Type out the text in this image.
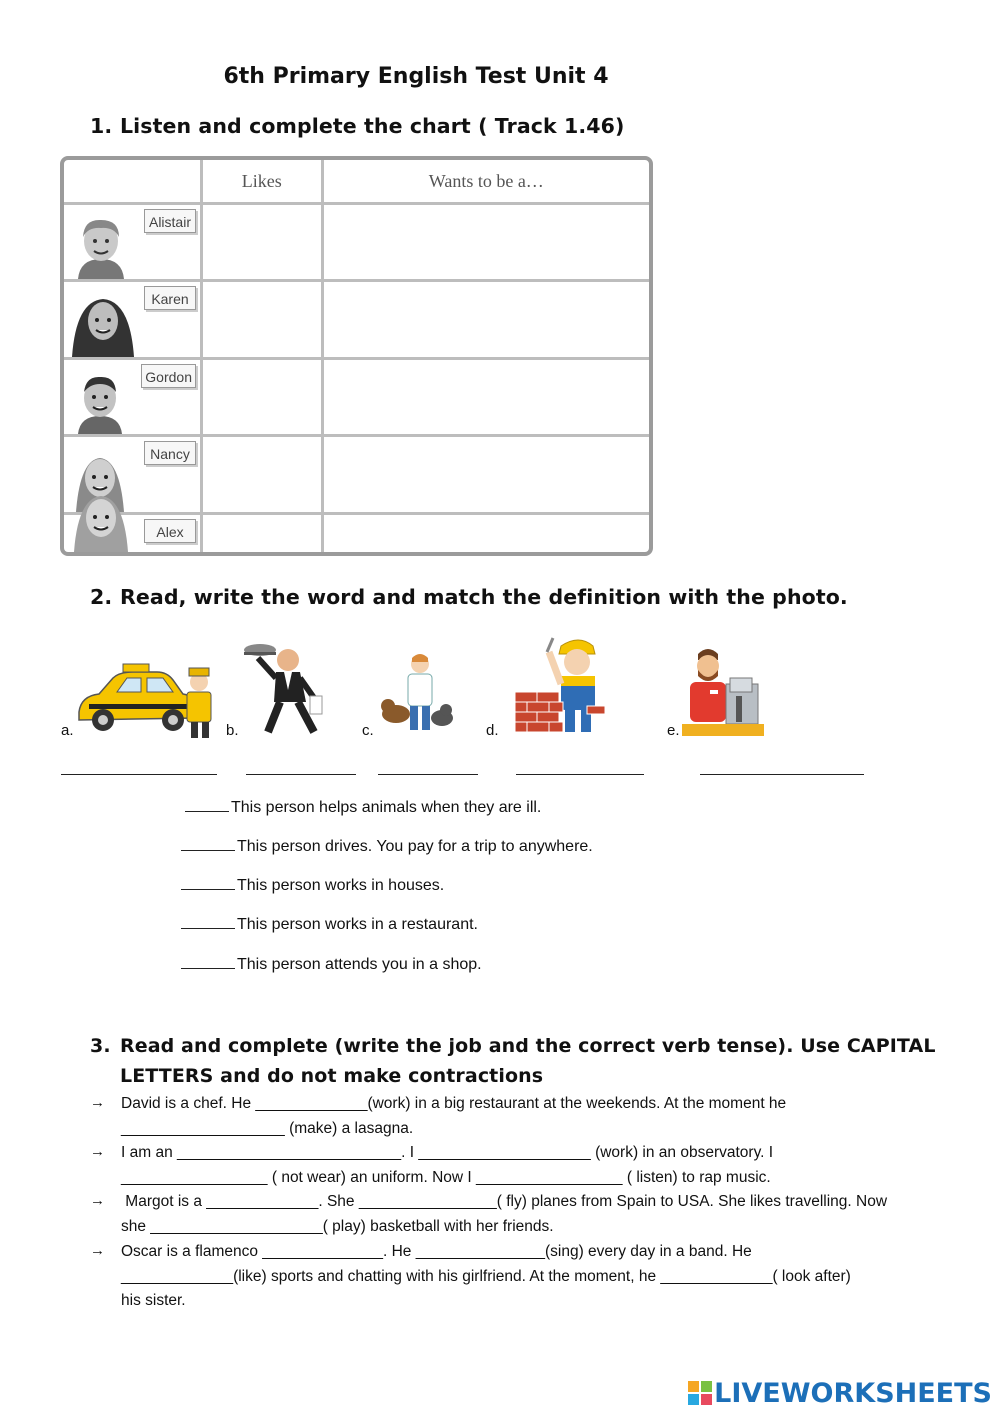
6th Primary English Test Unit 4
1. Listen and complete the chart ( Track 1.46)
	Likes	Wants to be a…

Alistair		

Karen		

Gordon		

Nancy		

Alex		

2. Read, write the word and match the definition with the photo.
a.	b.	c.	d.	e.
This person helps animals when they are ill.
This person drives. You pay for a trip to anywhere.
This person works in houses.
This person works in a restaurant.
This person attends you in a shop.
3. Read and complete (write the job and the correct verb tense). Use CAPITAL
LETTERS and do not make contractions
→ David is a chef. He _____________(work) in a big restaurant at the weekends. At the moment he
___________________ (make) a lasagna.
→ I am an __________________________. I ____________________ (work) in an observatory. I
_________________ ( not wear) an uniform. Now I _________________ ( listen) to rap music.
→ Margot is a _____________. She ________________( fly) planes from Spain to USA. She likes travelling. Now
she ____________________( play) basketball with her friends.
→ Oscar is a flamenco ______________. He _______________(sing) every day in a band. He
_____________(like) sports and chatting with his girlfriend. At the moment, he _____________( look after)
his sister.
LIVEWORKSHEETS
